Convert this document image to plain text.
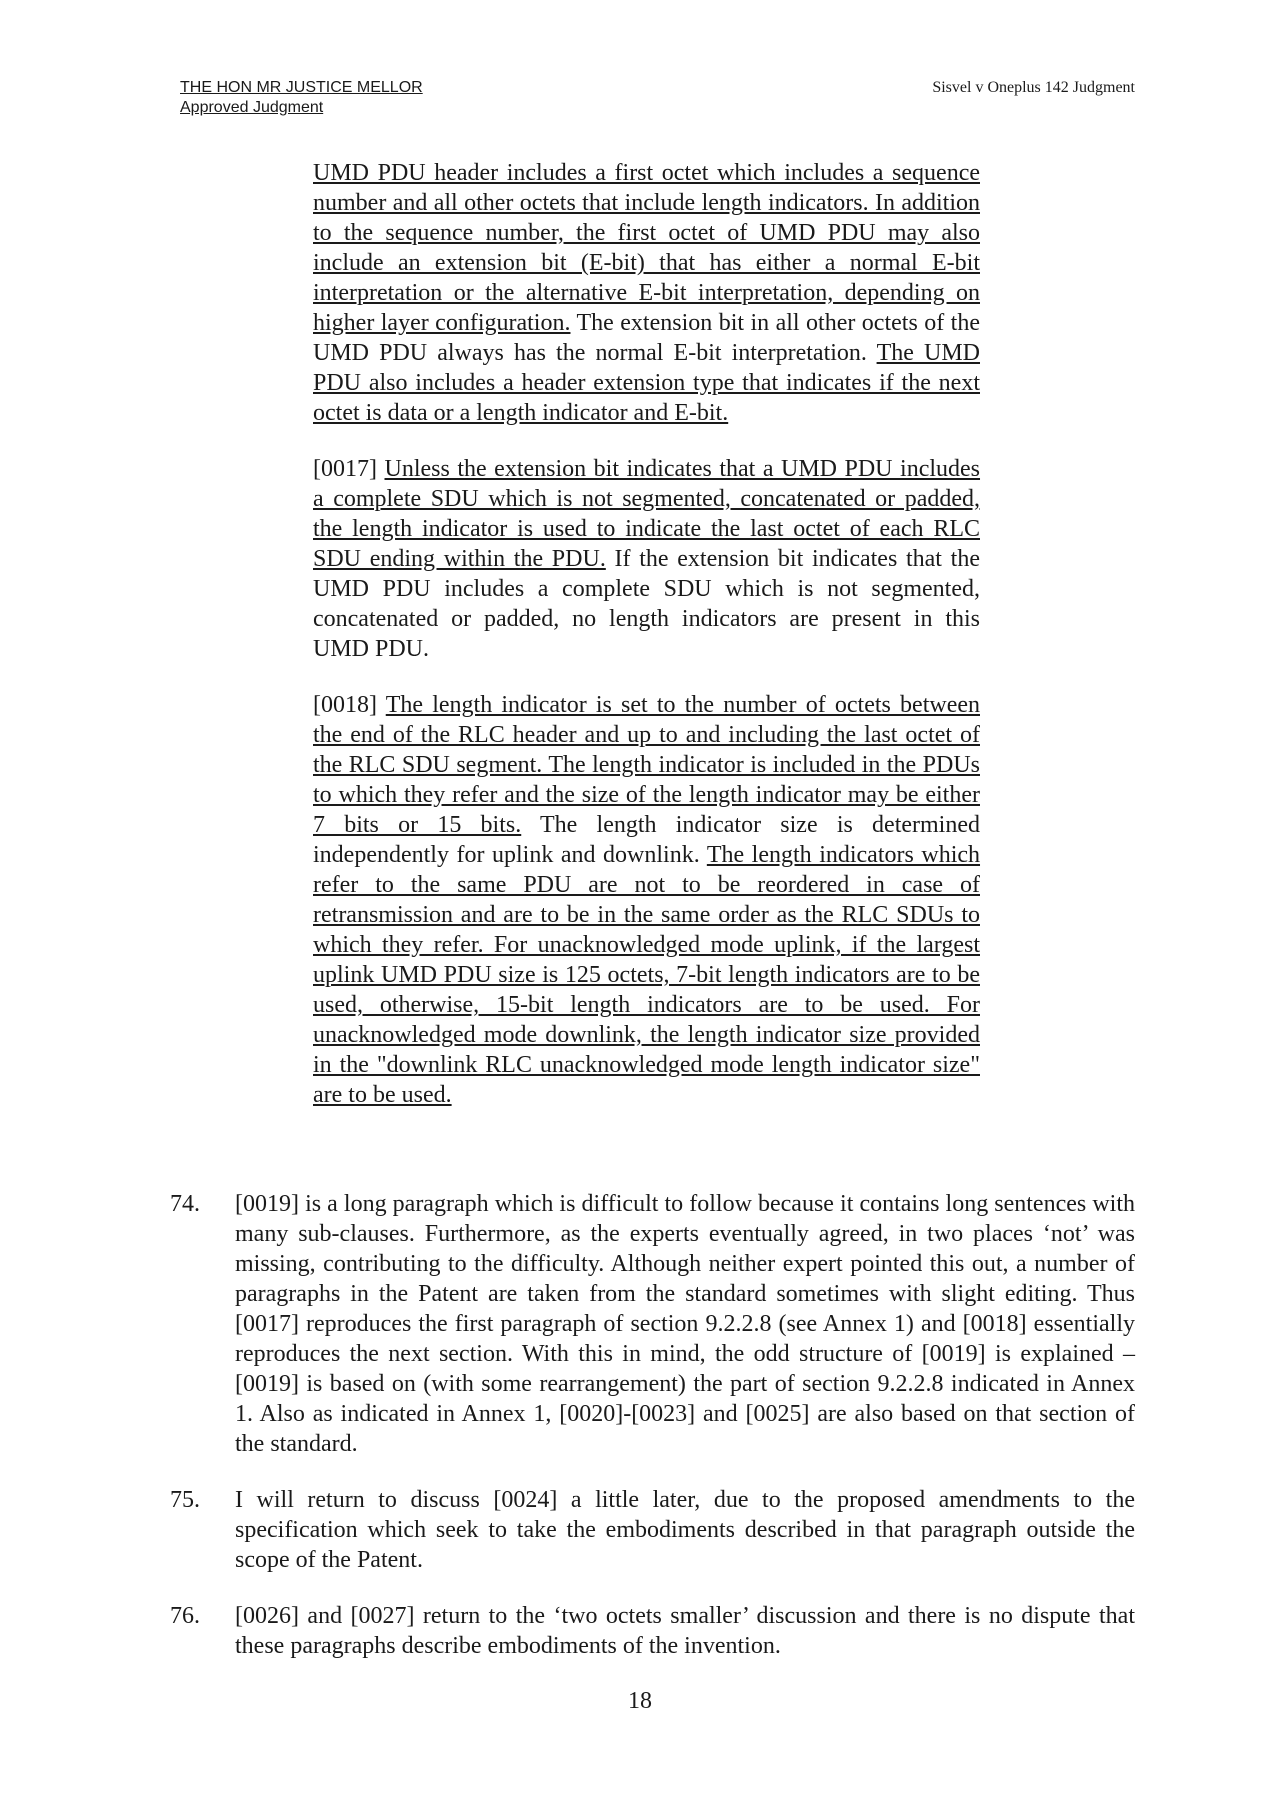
THE HON MR JUSTICE MELLOR
Approved Judgment
Sisvel v Oneplus 142 Judgment

UMD PDU header includes a first octet which includes a sequence number and all other octets that include length indicators. In addition to the sequence number, the first octet of UMD PDU may also include an extension bit (E-bit) that has either a normal E-bit interpretation or the alternative E-bit interpretation, depending on higher layer configuration. The extension bit in all other octets of the UMD PDU always has the normal E-bit interpretation. The UMD PDU also includes a header extension type that indicates if the next octet is data or a length indicator and E-bit.

[0017] Unless the extension bit indicates that a UMD PDU includes a complete SDU which is not segmented, concatenated or padded, the length indicator is used to indicate the last octet of each RLC SDU ending within the PDU. If the extension bit indicates that the UMD PDU includes a complete SDU which is not segmented, concatenated or padded, no length indicators are present in this UMD PDU.

[0018] The length indicator is set to the number of octets between the end of the RLC header and up to and including the last octet of the RLC SDU segment. The length indicator is included in the PDUs to which they refer and the size of the length indicator may be either 7 bits or 15 bits. The length indicator size is determined independently for uplink and downlink. The length indicators which refer to the same PDU are not to be reordered in case of retransmission and are to be in the same order as the RLC SDUs to which they refer. For unacknowledged mode uplink, if the largest uplink UMD PDU size is 125 octets, 7-bit length indicators are to be used, otherwise, 15-bit length indicators are to be used. For unacknowledged mode downlink, the length indicator size provided in the "downlink RLC unacknowledged mode length indicator size" are to be used.

74.	[0019] is a long paragraph which is difficult to follow because it contains long sentences with many sub-clauses. Furthermore, as the experts eventually agreed, in two places ‘not’ was missing, contributing to the difficulty. Although neither expert pointed this out, a number of paragraphs in the Patent are taken from the standard sometimes with slight editing. Thus [0017] reproduces the first paragraph of section 9.2.2.8 (see Annex 1) and [0018] essentially reproduces the next section. With this in mind, the odd structure of [0019] is explained – [0019] is based on (with some rearrangement) the part of section 9.2.2.8 indicated in Annex 1. Also as indicated in Annex 1, [0020]-[0023] and [0025] are also based on that section of the standard.
75.	I will return to discuss [0024] a little later, due to the proposed amendments to the specification which seek to take the embodiments described in that paragraph outside the scope of the Patent.
76.	[0026] and [0027] return to the ‘two octets smaller’ discussion and there is no dispute that these paragraphs describe embodiments of the invention.
18
